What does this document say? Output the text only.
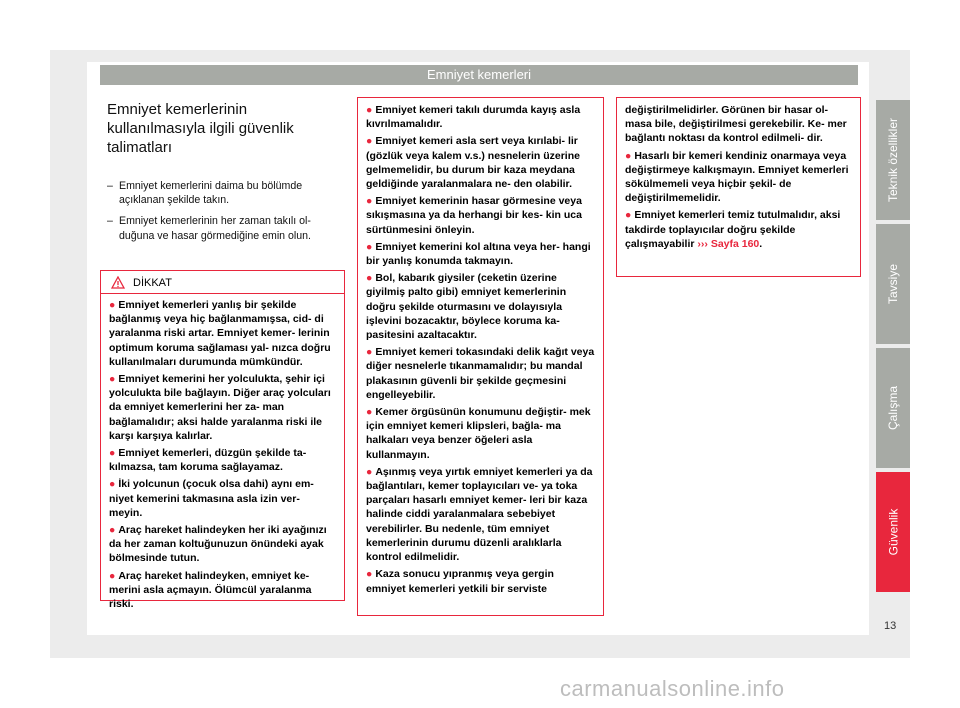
Emniyet kemerleri
Emniyet kemerlerinin kullanılmasıyla ilgili güvenlik talimatları
– Emniyet kemerlerini daima bu bölümde açıklanan şekilde takın.
– Emniyet kemerlerinin her zaman takılı ol- duğuna ve hasar görmediğine emin olun.
DİKKAT
● Emniyet kemerleri yanlış bir şekilde bağlanmış veya hiç bağlanmamışsa, cid- di yaralanma riski artar. Emniyet kemer- lerinin optimum koruma sağlaması yal- nızca doğru kullanılmaları durumunda mümkündür.
● Emniyet kemerini her yolculukta, şehir içi yolculukta bile bağlayın. Diğer araç yolcuları da emniyet kemerlerini her za- man bağlamalıdır; aksi halde yaralanma riski ile karşı karşıya kalırlar.
● Emniyet kemerleri, düzgün şekilde ta- kılmazsa, tam koruma sağlayamaz.
● İki yolcunun (çocuk olsa dahi) aynı em- niyet kemerini takmasına asla izin ver- meyin.
● Araç hareket halindeyken her iki ayağınızı da her zaman koltuğunuzun önündeki ayak bölmesinde tutun.
● Araç hareket halindeyken, emniyet ke- merini asla açmayın. Ölümcül yaralanma riski.
● Emniyet kemeri takılı durumda kayış asla kıvrılmamalıdır.
● Emniyet kemeri asla sert veya kırılabi- lir (gözlük veya kalem v.s.) nesnelerin üzerine gelmemelidir, bu durum bir kaza meydana geldiğinde yaralanmalara ne- den olabilir.
● Emniyet kemerinin hasar görmesine veya sıkışmasına ya da herhangi bir kes- kin uca sürtünmesini önleyin.
● Emniyet kemerini kol altına veya her- hangi bir yanlış konumda takmayın.
● Bol, kabarık giysiler (ceketin üzerine giyilmiş palto gibi) emniyet kemerlerinin doğru şekilde oturmasını ve dolayısıyla işlevini bozacaktır, böylece koruma ka- pasitesini azaltacaktır.
● Emniyet kemeri tokasındaki delik kağıt veya diğer nesnelerle tıkanmamalıdır; bu mandal plakasının güvenli bir şekilde geçmesini engelleyebilir.
● Kemer örgüsünün konumunu değiştir- mek için emniyet kemeri klipsleri, bağla- ma halkaları veya benzer öğeleri asla kullanmayın.
● Aşınmış veya yırtık emniyet kemerleri ya da bağlantıları, kemer toplayıcıları ve- ya toka parçaları hasarlı emniyet kemer- leri bir kaza halinde ciddi yaralanmalara sebebiyet verebilirler. Bu nedenle, tüm emniyet kemerlerinin durumu düzenli aralıklarla kontrol edilmelidir.
● Kaza sonucu yıpranmış veya gergin emniyet kemerleri yetkili bir serviste

değiştirilmelidirler. Görünen bir hasar ol- masa bile, değiştirilmesi gerekebilir. Ke- mer bağlantı noktası da kontrol edilmeli- dir.

● Hasarlı bir kemeri kendiniz onarmaya veya değiştirmeye kalkışmayın. Emniyet kemerleri sökülmemeli veya hiçbir şekil- de değiştirilmemelidir.
● Emniyet kemerleri temiz tutulmalıdır, aksi takdirde toplayıcılar doğru şekilde çalışmayabilir ››› Sayfa 160.
Teknik özellikler
Tavsiye
Çalışma
Güvenlik
13
carmanualsonline.info
